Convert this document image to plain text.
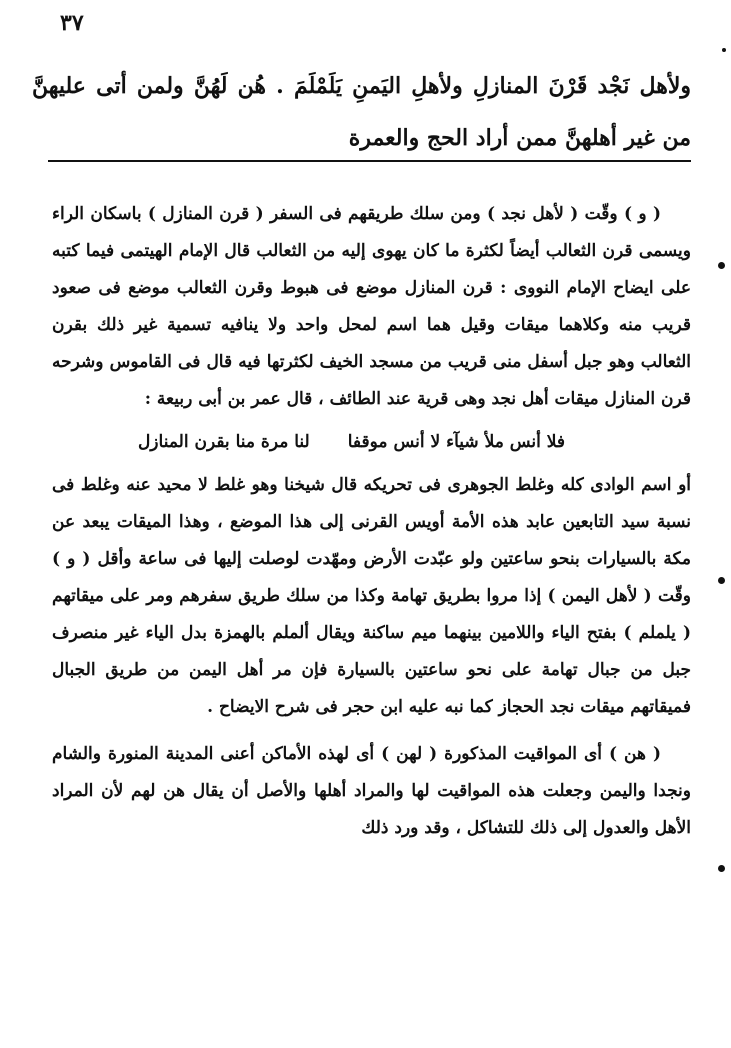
٣٧
ولأهل نَجْد قَرْنَ المنازلِ ولأهلِ اليَمنِ يَلَمْلَمَ . هُن لَهُنَّ ولمن أتى عليهنَّ من غير أهلهنَّ ممن أراد الحج والعمرة

( و ) وقّت ( لأهل نجد ) ومن سلك طريقهم فى السفر ( قرن المنازل ) باسكان الراء ويسمى قرن الثعالب أيضاً لكثرة ما كان يهوى إليه من الثعالب قال الإمام الهيتمى فيما كتبه على ايضاح الإمام النووى : قرن المنازل موضع فى هبوط وقرن الثعالب موضع فى صعود قريب منه وكلاهما ميقات وقيل هما اسم لمحل واحد ولا ينافيه تسمية غير ذلك بقرن الثعالب وهو جبل أسفل منى قريب من مسجد الخيف لكثرتها فيه قال فى القاموس وشرحه قرن المنازل ميقات أهل نجد وهى قرية عند الطائف ، قال عمر بن أبى ربيعة :

فلا أنس ملأ شيآء لا أنس موقفا
لنا مرة منا بقرن المنازل

أو اسم الوادى كله وغلط الجوهرى فى تحريكه قال شيخنا وهو غلط لا محيد عنه وغلط فى نسبة سيد التابعين عابد هذه الأمة أويس القرنى إلى هذا الموضع ، وهذا الميقات يبعد عن مكة بالسيارات بنحو ساعتين ولو عبّدت الأرض ومهّدت لوصلت إليها فى ساعة وأقل ( و ) وقّت ( لأهل اليمن ) إذا مروا بطريق تهامة وكذا من سلك طريق سفرهم ومر على ميقاتهم ( يلملم ) بفتح الياء واللامين بينهما ميم ساكنة ويقال ألملم بالهمزة بدل الياء غير منصرف جبل من جبال تهامة على نحو ساعتين بالسيارة فإن مر أهل اليمن من طريق الجبال فميقاتهم ميقات نجد الحجاز كما نبه عليه ابن حجر فى شرح الايضاح .

( هن ) أى المواقيت المذكورة ( لهن ) أى لهذه الأماكن أعنى المدينة المنورة والشام ونجدا واليمن وجعلت هذه المواقيت لها والمراد أهلها والأصل أن يقال هن لهم لأن المراد الأهل والعدول إلى ذلك للتشاكل ، وقد ورد ذلك
